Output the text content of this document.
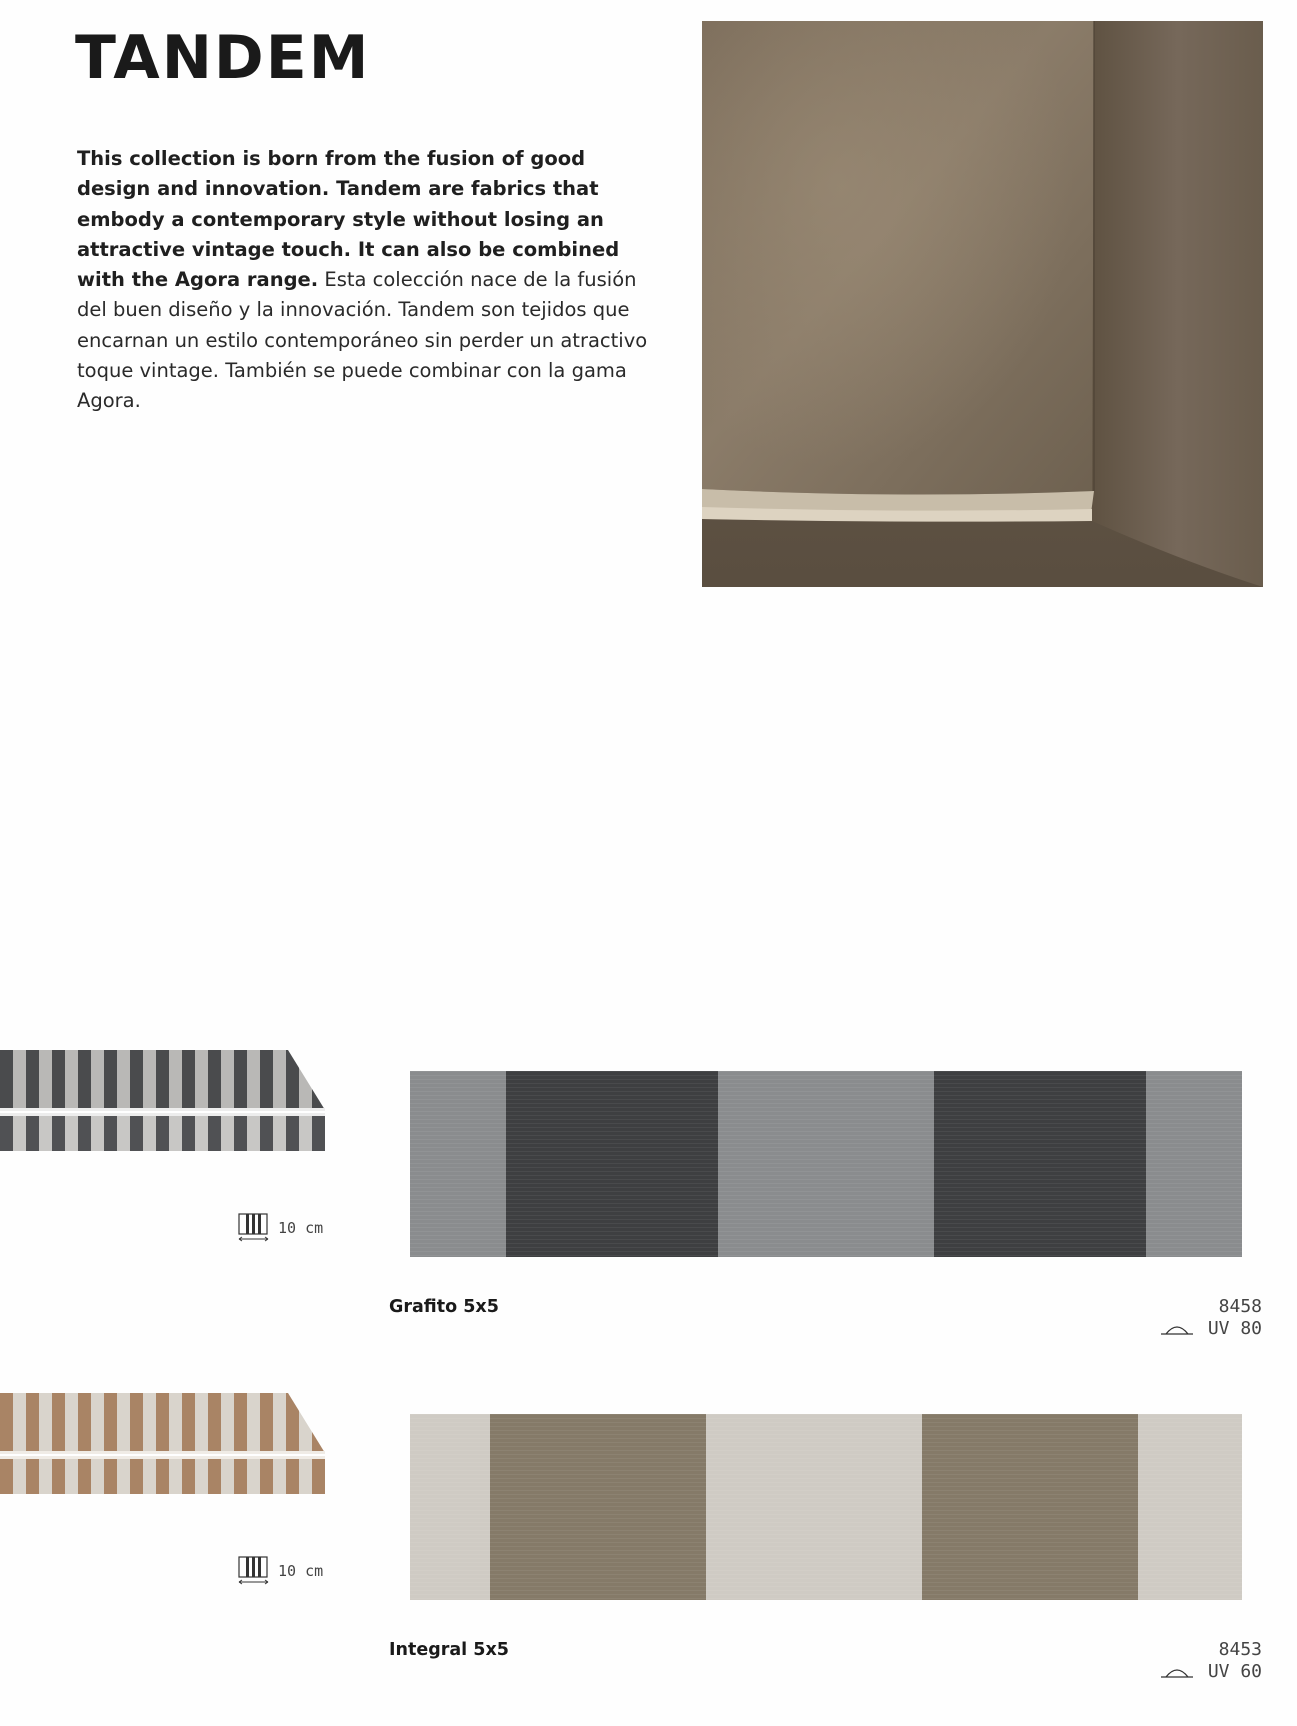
TANDEM
This collection is born from the fusion of good design and innovation. Tandem are fabrics that embody a contemporary style without losing an attractive vintage touch. It can also be combined with the Agora range. Esta colección nace de la fusión del buen diseño y la innovación. Tandem son tejidos que encarnan un estilo contemporáneo sin perder un atractivo toque vintage. También se puede combinar con la gama Agora.
10 cm
Grafito 5x5	8458
UV 80
10 cm
Integral 5x5	8453
UV 60
